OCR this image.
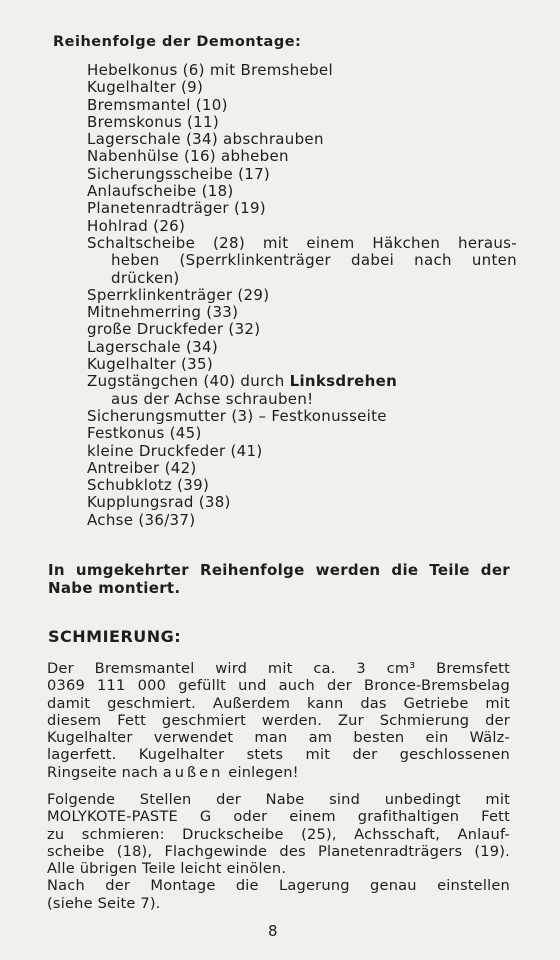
Reihenfolge der Demontage:
Hebelkonus (6) mit Bremshebel
Kugelhalter (9)
Bremsmantel (10)
Bremskonus (11)
Lagerschale (34) abschrauben
Nabenhülse (16) abheben
Sicherungsscheibe (17)
Anlaufscheibe (18)
Planetenradträger (19)
Hohlrad (26)
Schaltscheibe (28) mit einem Häkchen heraus-
heben (Sperrklinkenträger dabei nach unten
drücken)
Sperrklinkenträger (29)
Mitnehmerring (33)
große Druckfeder (32)
Lagerschale (34)
Kugelhalter (35)
Zugstängchen (40) durch Linksdrehen
aus der Achse schrauben!
Sicherungsmutter (3) – Festkonusseite
Festkonus (45)
kleine Druckfeder (41)
Antreiber (42)
Schubklotz (39)
Kupplungsrad (38)
Achse (36/37)
In umgekehrter Reihenfolge werden die Teile der
Nabe montiert.
SCHMIERUNG:
Der Bremsmantel wird mit ca. 3 cm³ Bremsfett
0369 111 000 gefüllt und auch der Bronce-Bremsbelag
damit geschmiert. Außerdem kann das Getriebe mit
diesem Fett geschmiert werden. Zur Schmierung der
Kugelhalter verwendet man am besten ein Wälz-
lagerfett. Kugelhalter stets mit der geschlossenen
Ringseite nach außen einlegen!
Folgende Stellen der Nabe sind unbedingt mit
MOLYKOTE-PASTE G oder einem grafithaltigen Fett
zu schmieren: Druckscheibe (25), Achsschaft, Anlauf-
scheibe (18), Flachgewinde des Planetenradträgers (19).
Alle übrigen Teile leicht einölen.
Nach der Montage die Lagerung genau einstellen
(siehe Seite 7).
8
